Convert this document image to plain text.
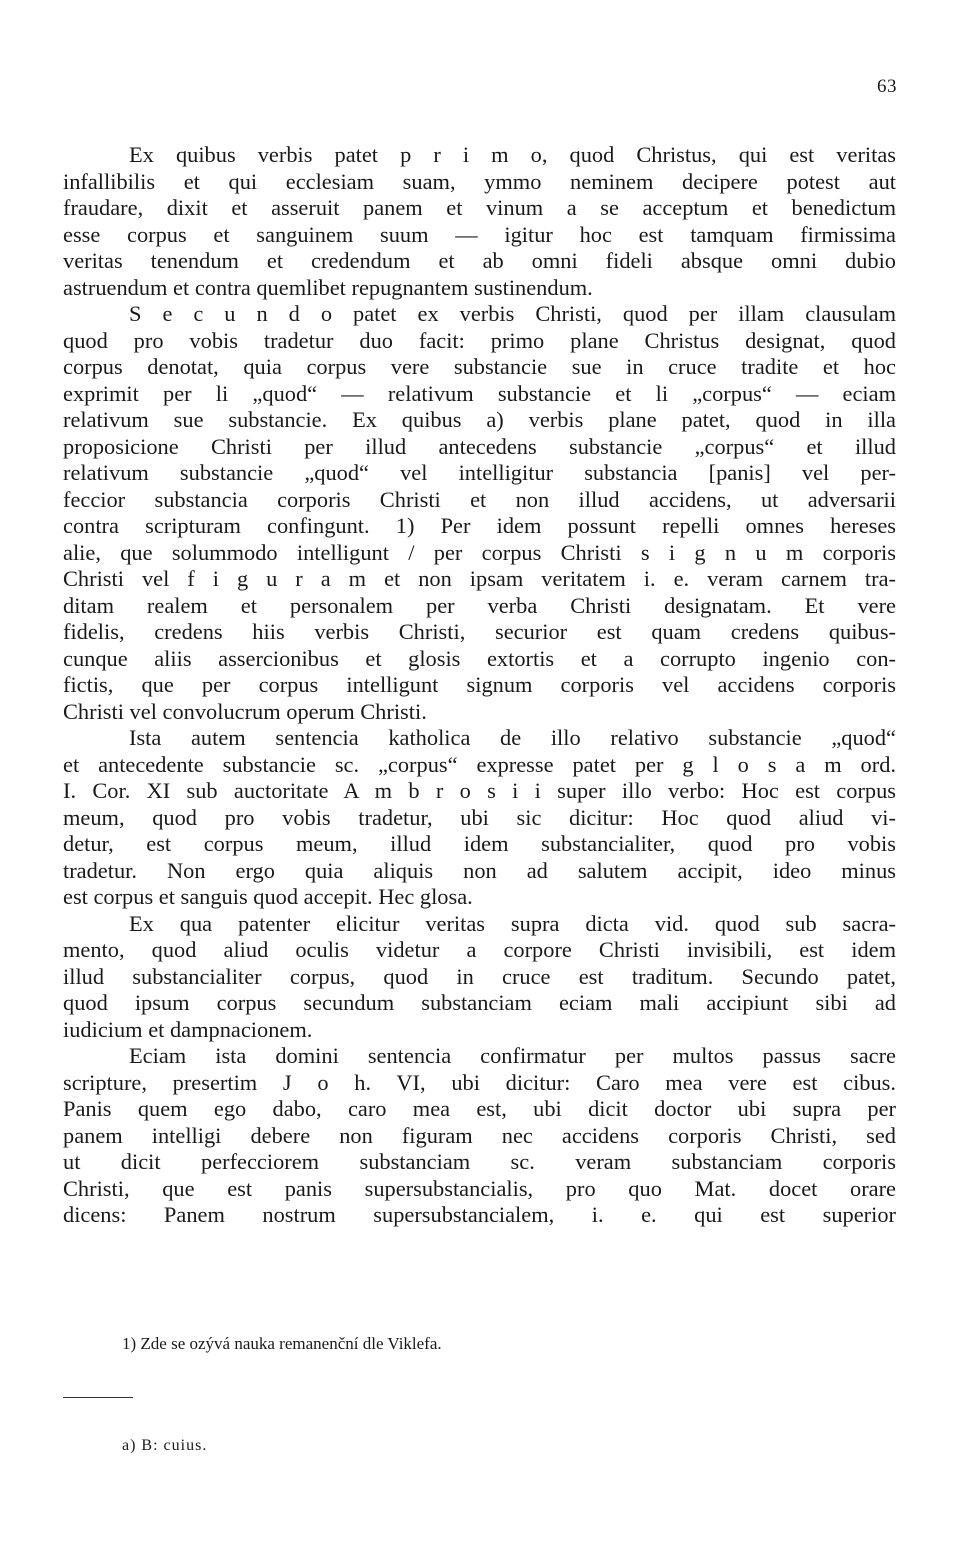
63
Ex quibus verbis patet p r i m o, quod Christus, qui est veritas
infallibilis et qui ecclesiam suam, ymmo neminem decipere potest aut
fraudare, dixit et asseruit panem et vinum a se acceptum et benedictum
esse corpus et sanguinem suum — igitur hoc est tamquam firmissima
veritas tenendum et credendum et ab omni fideli absque omni dubio
astruendum et contra quemlibet repugnantem sustinendum.
S e c u n d o patet ex verbis Christi, quod per illam clausulam
quod pro vobis tradetur duo facit: primo plane Christus designat, quod
corpus denotat, quia corpus vere substancie sue in cruce tradite et hoc
exprimit per li „quod“ — relativum substancie et li „corpus“ — eciam
relativum sue substancie. Ex quibus a) verbis plane patet, quod in illa
proposicione Christi per illud antecedens substancie „corpus“ et illud
relativum substancie „quod“ vel intelligitur substancia [panis] vel per-
feccior substancia corporis Christi et non illud accidens, ut adversarii
contra scripturam confingunt. 1) Per idem possunt repelli omnes hereses
alie, que solummodo intelligunt / per corpus Christi s i g n u m corporis
Christi vel f i g u r a m et non ipsam veritatem i. e. veram carnem tra-
ditam realem et personalem per verba Christi designatam. Et vere
fidelis, credens hiis verbis Christi, securior est quam credens quibus-
cunque aliis assercionibus et glosis extortis et a corrupto ingenio con-
fictis, que per corpus intelligunt signum corporis vel accidens corporis
Christi vel convolucrum operum Christi.
Ista autem sentencia katholica de illo relativo substancie „quod“
et antecedente substancie sc. „corpus“ expresse patet per g l o s a m ord.
I. Cor. XI sub auctoritate A m b r o s i i super illo verbo: Hoc est corpus
meum, quod pro vobis tradetur, ubi sic dicitur: Hoc quod aliud vi-
detur, est corpus meum, illud idem substancialiter, quod pro vobis
tradetur. Non ergo quia aliquis non ad salutem accipit, ideo minus
est corpus et sanguis quod accepit. Hec glosa.
Ex qua patenter elicitur veritas supra dicta vid. quod sub sacra-
mento, quod aliud oculis videtur a corpore Christi invisibili, est idem
illud substancialiter corpus, quod in cruce est traditum. Secundo patet,
quod ipsum corpus secundum substanciam eciam mali accipiunt sibi ad
iudicium et dampnacionem.
Eciam ista domini sentencia confirmatur per multos passus sacre
scripture, presertim J o h. VI, ubi dicitur: Caro mea vere est cibus.
Panis quem ego dabo, caro mea est, ubi dicit doctor ubi supra per
panem intelligi debere non figuram nec accidens corporis Christi, sed
ut dicit perfecciorem substanciam sc. veram substanciam corporis
Christi, que est panis supersubstancialis, pro quo Mat. docet orare
dicens: Panem nostrum supersubstancialem, i. e. qui est superior
1) Zde se ozývá nauka remanenční dle Viklefa.
a) B: cuius.
